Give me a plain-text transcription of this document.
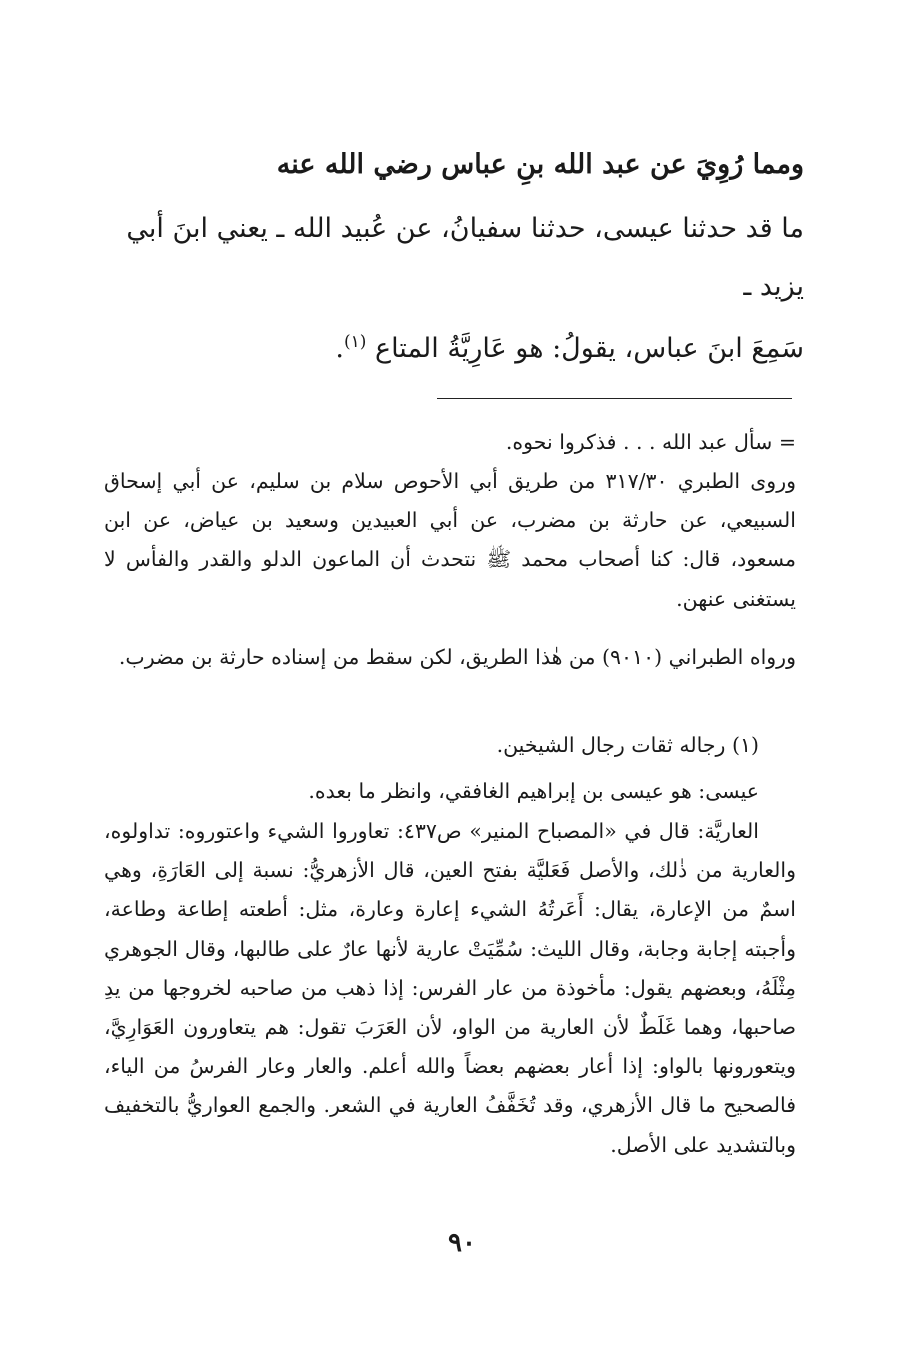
ومما رُوِيَ عن عبد الله بنِ عباس رضي الله عنه
ما قد حدثنا عيسى، حدثنا سفيانُ، عن عُبيد الله ـ يعني ابنَ أبي يزيد ـ
سَمِعَ ابنَ عباس، يقولُ: هو عَارِيَّةُ المتاع $^{(١)}$.
= سأل عبد الله . . . فذكروا نحوه.
وروى الطبري ٣١٧/٣٠ من طريق أبي الأحوص سلام بن سليم، عن أبي إسحاق السبيعي، عن حارثة بن مضرب، عن أبي العبيدين وسعيد بن عياض، عن ابن مسعود، قال: كنا أصحاب محمد ﷺ نتحدث أن الماعون الدلو والقدر والفأس لا يستغنى عنهن.
ورواه الطبراني (٩٠١٠) من هٰذا الطريق، لكن سقط من إسناده حارثة بن مضرب.
(١) رجاله ثقات رجال الشيخين.
عيسى: هو عيسى بن إبراهيم الغافقي، وانظر ما بعده.
العاريَّة: قال في «المصباح المنير» ص٤٣٧: تعاوروا الشيء واعتوروه: تداولوه، والعارية من ذٰلك، والأصل فَعَليَّة بفتح العين، قال الأزهريُّ: نسبة إلى العَارَةِ، وهي اسمٌ من الإعارة، يقال: أَعَرتُهُ الشيء إعارة وعارة، مثل: أطعته إطاعة وطاعة، وأجبته إجابة وجابة، وقال الليث: سُمِّيَتْ عارية لأنها عارٌ على طالبها، وقال الجوهري مِثْلَهُ، وبعضهم يقول: مأخوذة من عار الفرس: إذا ذهب من صاحبه لخروجها من يدِ صاحبها، وهما غَلَطٌ لأن العارية من الواو، لأن العَرَبَ تقول: هم يتعاورون العَوَارِيَّ، ويتعورونها بالواو: إذا أعار بعضهم بعضاً والله أعلم. والعار وعار الفرسُ من الياء، فالصحيح ما قال الأزهري، وقد تُخَفَّفُ العارية في الشعر. والجمع العواريُّ بالتخفيف وبالتشديد على الأصل.
٩٠
